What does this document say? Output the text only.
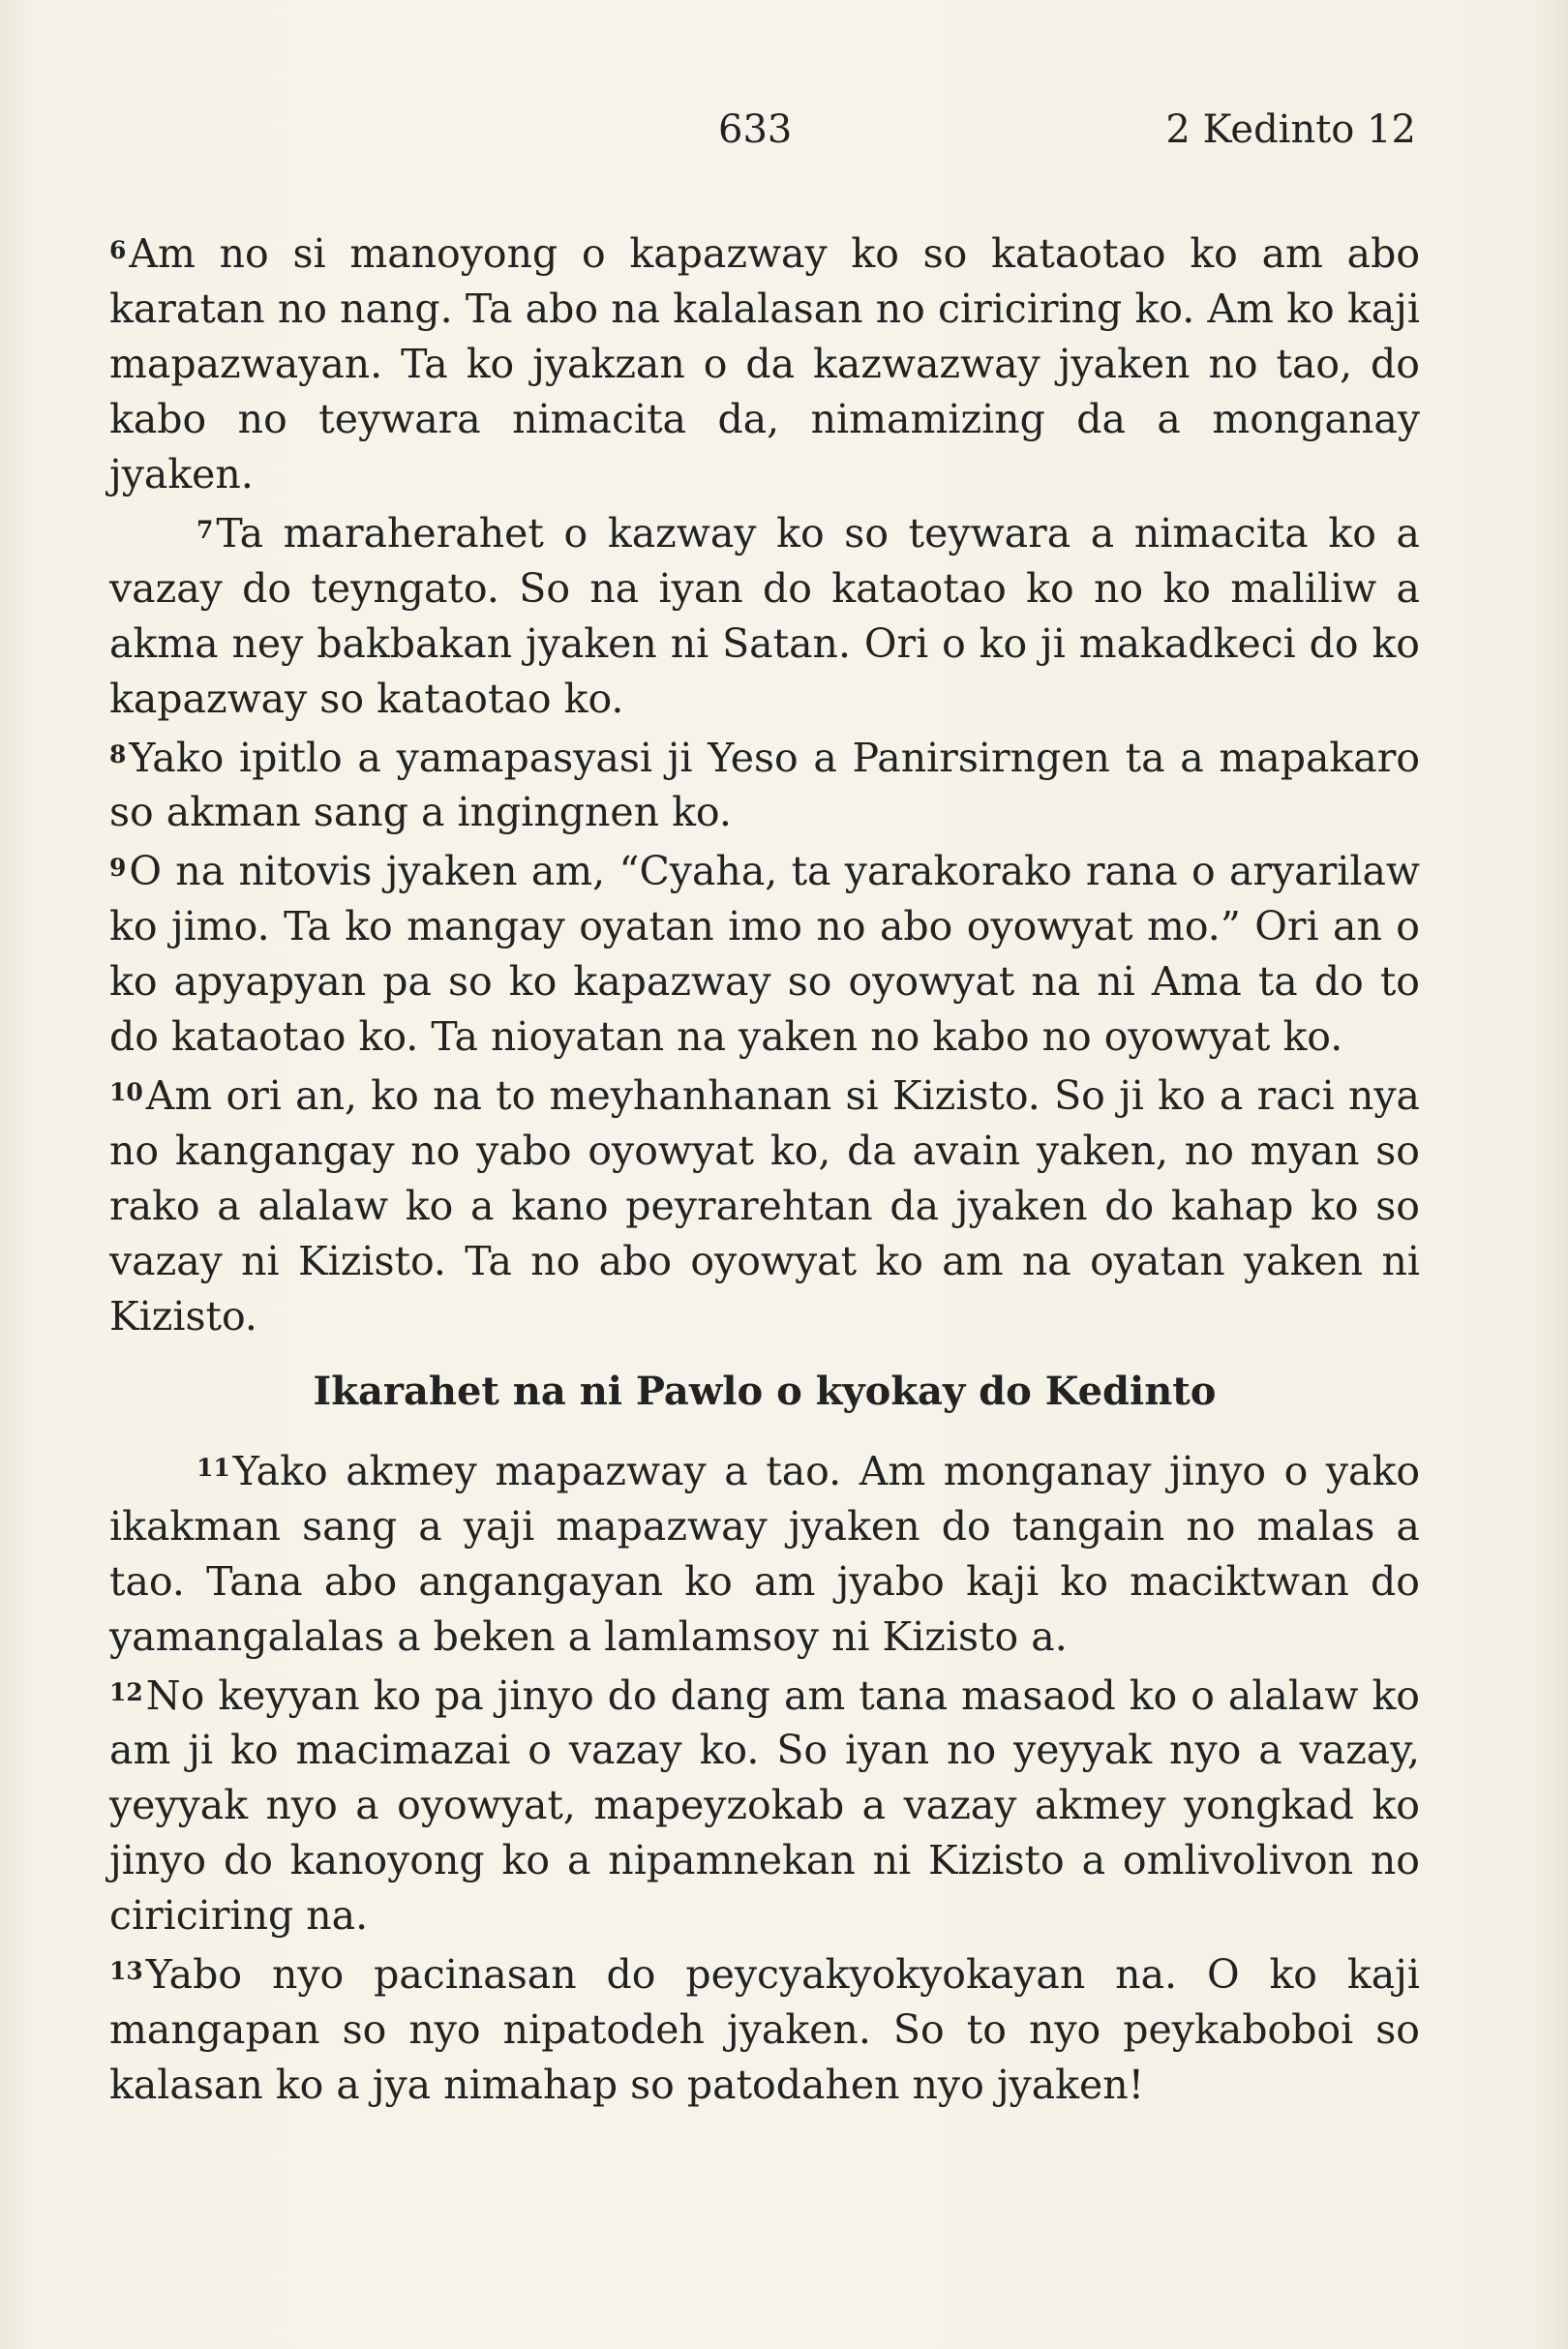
633	2 Kedinto 12

$^6$Am no si manoyong o kapazway ko so kataotao ko am abo karatan no nang. Ta abo na kalalasan no ciriciring ko. Am ko kaji mapazwayan. Ta ko jyakzan o da kazwazway jyaken no tao, do kabo no teywara nimacita da, nimamizing da a monganay jyaken.

$^7$Ta maraherahet o kazway ko so teywara a nimacita ko a vazay do teyngato. So na iyan do kataotao ko no ko maliliw a akma ney bakbakan jyaken ni Satan. Ori o ko ji makadkeci do ko kapazway so kataotao ko.

$^8$Yako ipitlo a yamapasyasi ji Yeso a Panirsirngen ta a mapakaro so akman sang a ingingnen ko.

$^9$O na nitovis jyaken am, “Cyaha, ta yarakorako rana o aryarilaw ko jimo. Ta ko mangay oyatan imo no abo oyowyat mo.” Ori an o ko apyapyan pa so ko kapazway so oyowyat na ni Ama ta do to do kataotao ko. Ta nioyatan na yaken no kabo no oyowyat ko.

$^{10}$Am ori an, ko na to meyhanhanan si Kizisto. So ji ko a raci nya no kangangay no yabo oyowyat ko, da avain yaken, no myan so rako a alalaw ko a kano peyrarehtan da jyaken do kahap ko so vazay ni Kizisto. Ta no abo oyowyat ko am na oyatan yaken ni Kizisto.

Ikarahet na ni Pawlo o kyokay do Kedinto

$^{11}$Yako akmey mapazway a tao. Am monganay jinyo o yako ikakman sang a yaji mapazway jyaken do tangain no malas a tao. Tana abo angangayan ko am jyabo kaji ko maciktwan do yamangalalas a beken a lamlamsoy ni Kizisto a.

$^{12}$No keyyan ko pa jinyo do dang am tana masaod ko o alalaw ko am ji ko macimazai o vazay ko. So iyan no yeyyak nyo a vazay, yeyyak nyo a oyowyat, mapeyzokab a vazay akmey yongkad ko jinyo do kanoyong ko a nipamnekan ni Kizisto a omlivolivon no ciriciring na.

$^{13}$Yabo nyo pacinasan do peycyakyokyokayan na. O ko kaji mangapan so nyo nipatodeh jyaken. So to nyo peykaboboi so kalasan ko a jya nimahap so patodahen nyo jyaken!
